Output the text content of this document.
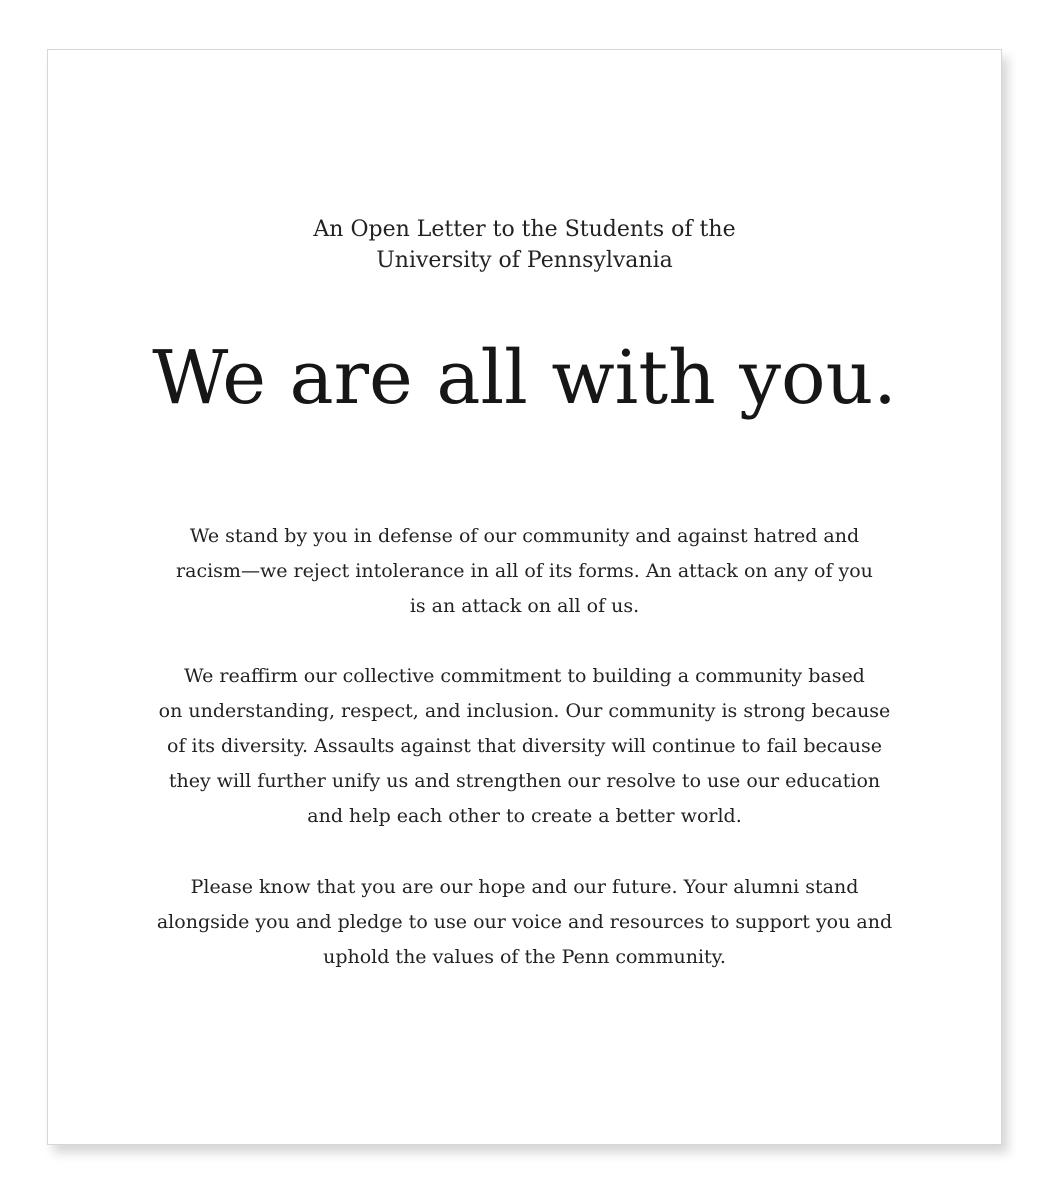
An Open Letter to the Students of the
University of Pennsylvania
We are all with you.

We stand by you in defense of our community and against hatred and
racism—we reject intolerance in all of its forms. An attack on any of you
is an attack on all of us.

We reaffirm our collective commitment to building a community based
on understanding, respect, and inclusion. Our community is strong because
of its diversity. Assaults against that diversity will continue to fail because
they will further unify us and strengthen our resolve to use our education
and help each other to create a better world.

Please know that you are our hope and our future. Your alumni stand
alongside you and pledge to use our voice and resources to support you and
uphold the values of the Penn community.
